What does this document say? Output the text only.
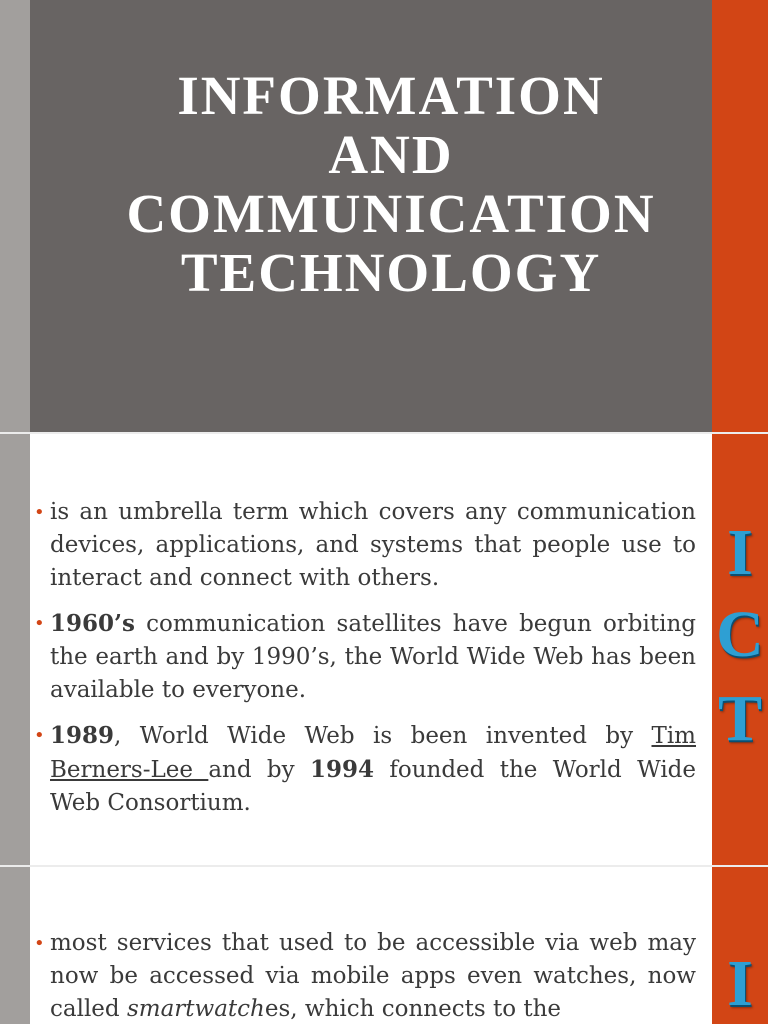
INFORMATION
AND
COMMUNICATION
TECHNOLOGY
I
C
T
• is an umbrella term which covers any communication devices, applications, and systems that people use to interact and connect with others.
• 1960’s communication satellites have begun orbiting the earth and by 1990’s, the World Wide Web has been available to everyone.
• 1989, World Wide Web is been invented by Tim Berners-Lee and by 1994 founded the World Wide Web Consortium.
I
• most services that used to be accessible via web may now be accessed via mobile apps even watches, now called smartwatches, which connects to the
